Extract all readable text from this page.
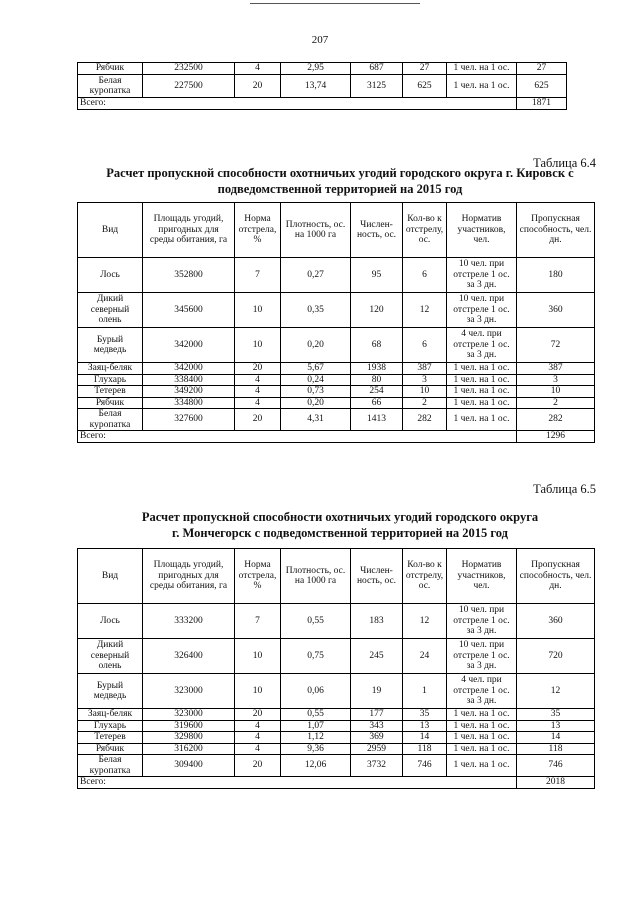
207
Рябчик	232500	4	2,95	687	27	1 чел. на 1 ос.	27
Белая куропатка	227500	20	13,74	3125	625	1 чел. на 1 ос.	625
Всего:							1871
Таблица 6.4
Расчет пропускной способности охотничьих угодий городского округа г. Кировск с
подведомственной территорией на 2015 год
Вид	Площадь угодий, пригодных для среды обитания, га	Норма отстрела, %	Плотность, ос. на 1000 га	Числен-ность, ос.	Кол-во к отстрелу, ос.	Норматив участников, чел.	Пропускная способность, чел. дн.
Лось	352800	7	0,27	95	6	10 чел. при отстреле 1 ос. за 3 дн.	180
Дикий северный олень	345600	10	0,35	120	12	10 чел. при отстреле 1 ос. за 3 дн.	360
Бурый медведь	342000	10	0,20	68	6	4 чел. при отстреле 1 ос. за 3 дн.	72
Заяц-беляк	342000	20	5,67	1938	387	1 чел. на 1 ос.	387
Глухарь	338400	4	0,24	80	3	1 чел. на 1 ос.	3
Тетерев	349200	4	0,73	254	10	1 чел. на 1 ос.	10
Рябчик	334800	4	0,20	66	2	1 чел. на 1 ос.	2
Белая куропатка	327600	20	4,31	1413	282	1 чел. на 1 ос.	282
Всего:							1296
Таблица 6.5
Расчет пропускной способности охотничьих угодий городского округа
г. Мончегорск с подведомственной территорией на 2015 год
Вид	Площадь угодий, пригодных для среды обитания, га	Норма отстрела, %	Плотность, ос. на 1000 га	Числен-ность, ос.	Кол-во к отстрелу, ос.	Норматив участников, чел.	Пропускная способность, чел. дн.
Лось	333200	7	0,55	183	12	10 чел. при отстреле 1 ос. за 3 дн.	360
Дикий северный олень	326400	10	0,75	245	24	10 чел. при отстреле 1 ос. за 3 дн.	720
Бурый медведь	323000	10	0,06	19	1	4 чел. при отстреле 1 ос. за 3 дн.	12
Заяц-беляк	323000	20	0,55	177	35	1 чел. на 1 ос.	35
Глухарь	319600	4	1,07	343	13	1 чел. на 1 ос.	13
Тетерев	329800	4	1,12	369	14	1 чел. на 1 ос.	14
Рябчик	316200	4	9,36	2959	118	1 чел. на 1 ос.	118
Белая куропатка	309400	20	12,06	3732	746	1 чел. на 1 ос.	746
Всего:							2018
